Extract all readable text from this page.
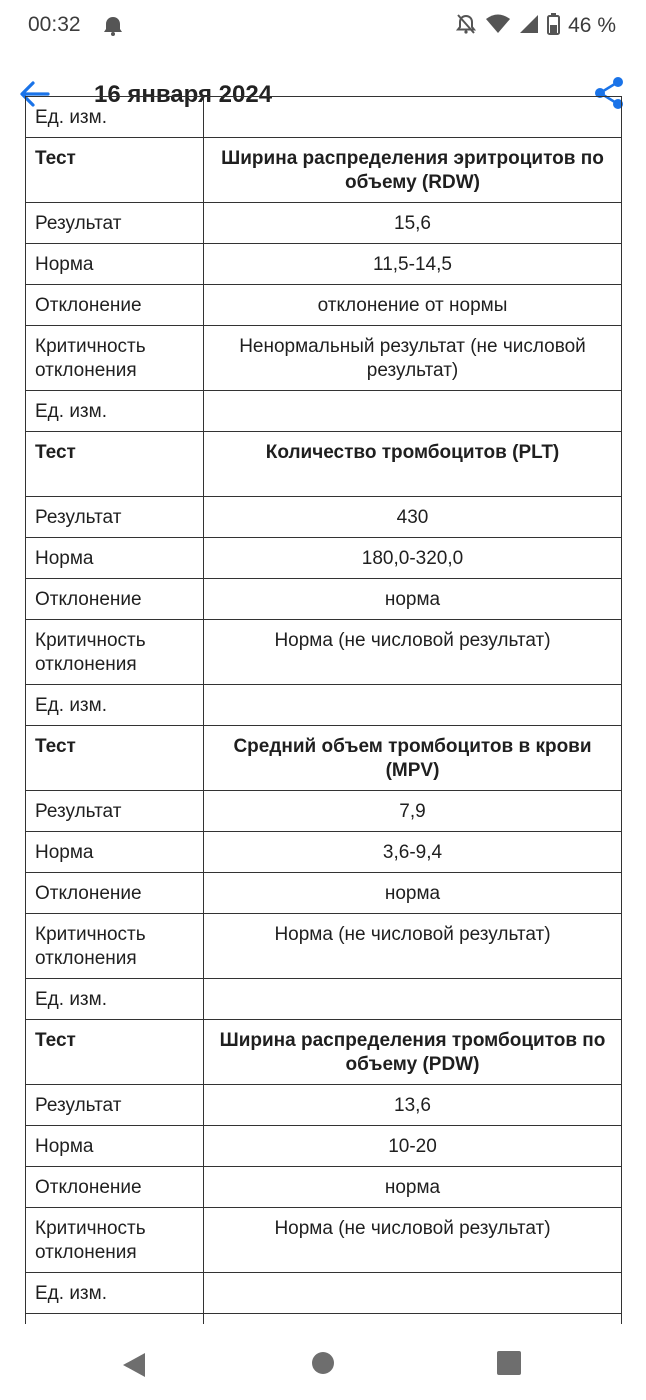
00:32	46 %
16 января 2024
Ед. изм.	
Тест	Ширина распределения эритроцитов по объему (RDW)
Результат	15,6
Норма	11,5-14,5
Отклонение	отклонение от нормы
Критичность отклонения	Ненормальный результат (не числовой результат)
Ед. изм.	
Тест	Количество тромбоцитов (PLT)
Результат	430
Норма	180,0-320,0
Отклонение	норма
Критичность отклонения	Норма (не числовой результат)
Ед. изм.	
Тест	Средний объем тромбоцитов в крови (MPV)
Результат	7,9
Норма	3,6-9,4
Отклонение	норма
Критичность отклонения	Норма (не числовой результат)
Ед. изм.	
Тест	Ширина распределения тромбоцитов по объему (PDW)
Результат	13,6
Норма	10-20
Отклонение	норма
Критичность отклонения	Норма (не числовой результат)
Ед. изм.	
